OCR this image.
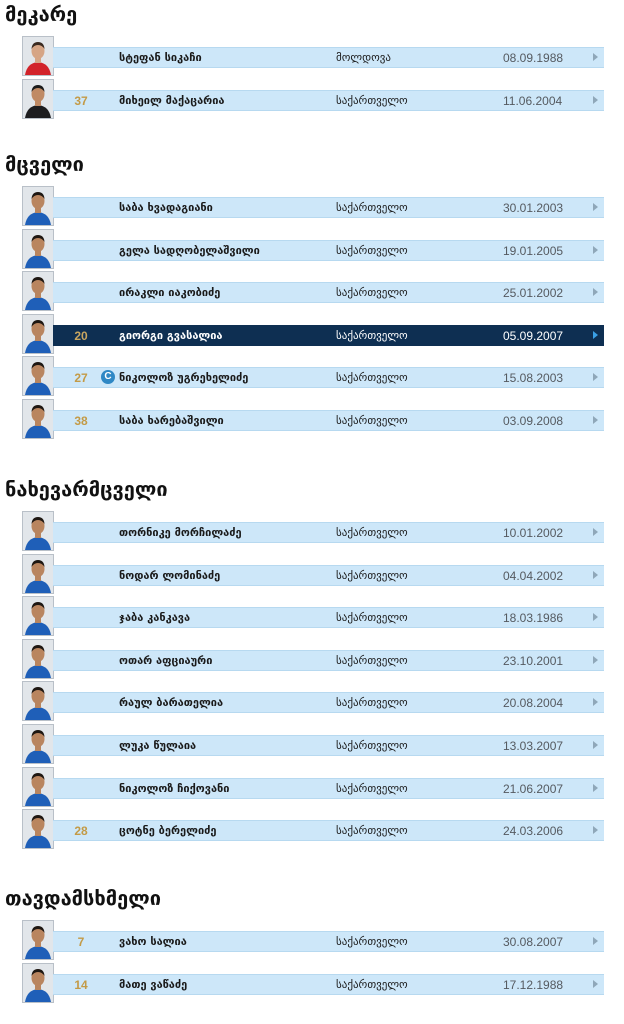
მეკარე
სტეფან სიკაჩი	მოლდოვა	08.09.1988
37	მიხეილ მაქაცარია	საქართველო	11.06.2004
მცველი
საბა ხვადაგიანი	საქართველო	30.01.2003
გელა სადღობელაშვილი	საქართველო	19.01.2005
ირაკლი იაკობიძე	საქართველო	25.01.2002
20	გიორგი გვასალია	საქართველო	05.09.2007
27	C ნიკოლოზ უგრეხელიძე	საქართველო	15.08.2003
38	საბა ხარებაშვილი	საქართველო	03.09.2008
ნახევარმცველი
თორნიკე მორჩილაძე	საქართველო	10.01.2002
ნოდარ ლომინაძე	საქართველო	04.04.2002
ჯაბა კანკავა	საქართველო	18.03.1986
ოთარ აფციაური	საქართველო	23.10.2001
რაულ ბარათელია	საქართველო	20.08.2004
ლუკა წულაია	საქართველო	13.03.2007
ნიკოლოზ ჩიქოვანი	საქართველო	21.06.2007
28	ცოტნე ბერელიძე	საქართველო	24.03.2006
თავდამსხმელი
7	ვახო სალია	საქართველო	30.08.2007
14	მათე ვაწაძე	საქართველო	17.12.1988
